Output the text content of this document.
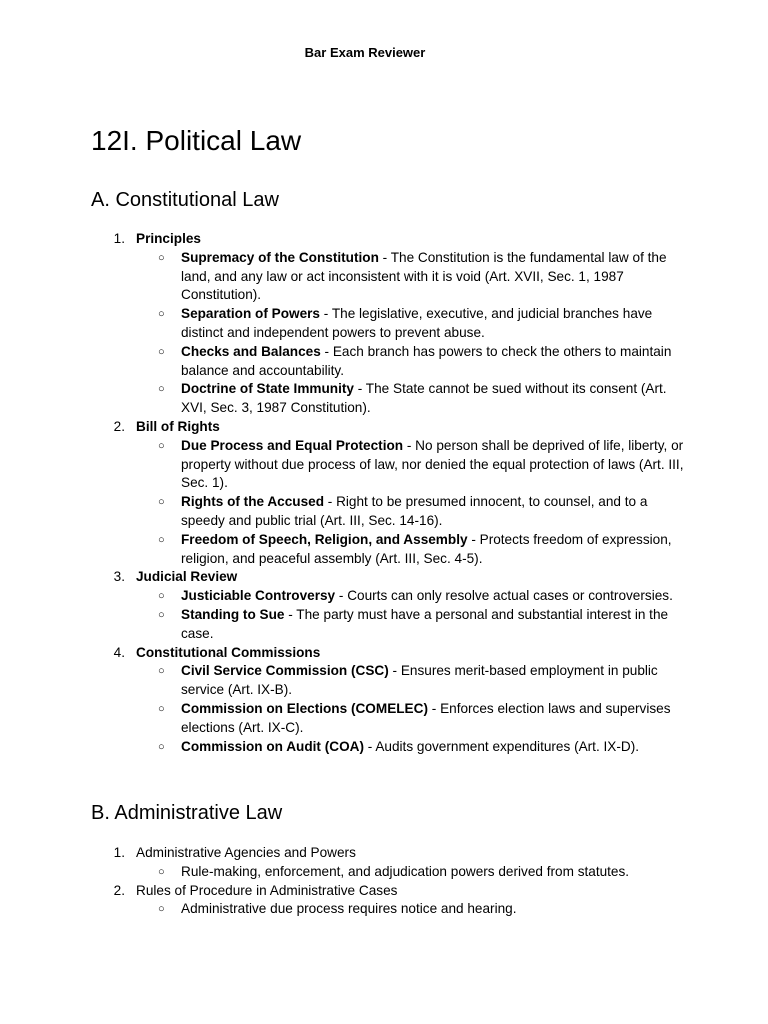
Bar Exam Reviewer
12I. Political Law
A. Constitutional Law
1. Principles
○ Supremacy of the Constitution - The Constitution is the fundamental law of the land, and any law or act inconsistent with it is void (Art. XVII, Sec. 1, 1987 Constitution).
○ Separation of Powers - The legislative, executive, and judicial branches have distinct and independent powers to prevent abuse.
○ Checks and Balances - Each branch has powers to check the others to maintain balance and accountability.
○ Doctrine of State Immunity - The State cannot be sued without its consent (Art. XVI, Sec. 3, 1987 Constitution).
2. Bill of Rights
○ Due Process and Equal Protection - No person shall be deprived of life, liberty, or property without due process of law, nor denied the equal protection of laws (Art. III, Sec. 1).
○ Rights of the Accused - Right to be presumed innocent, to counsel, and to a speedy and public trial (Art. III, Sec. 14-16).
○ Freedom of Speech, Religion, and Assembly - Protects freedom of expression, religion, and peaceful assembly (Art. III, Sec. 4-5).
3. Judicial Review
○ Justiciable Controversy - Courts can only resolve actual cases or controversies.
○ Standing to Sue - The party must have a personal and substantial interest in the case.
4. Constitutional Commissions
○ Civil Service Commission (CSC) - Ensures merit-based employment in public service (Art. IX-B).
○ Commission on Elections (COMELEC) - Enforces election laws and supervises elections (Art. IX-C).
○ Commission on Audit (COA) - Audits government expenditures (Art. IX-D).
B. Administrative Law
1. Administrative Agencies and Powers
○ Rule-making, enforcement, and adjudication powers derived from statutes.
2. Rules of Procedure in Administrative Cases
○ Administrative due process requires notice and hearing.
